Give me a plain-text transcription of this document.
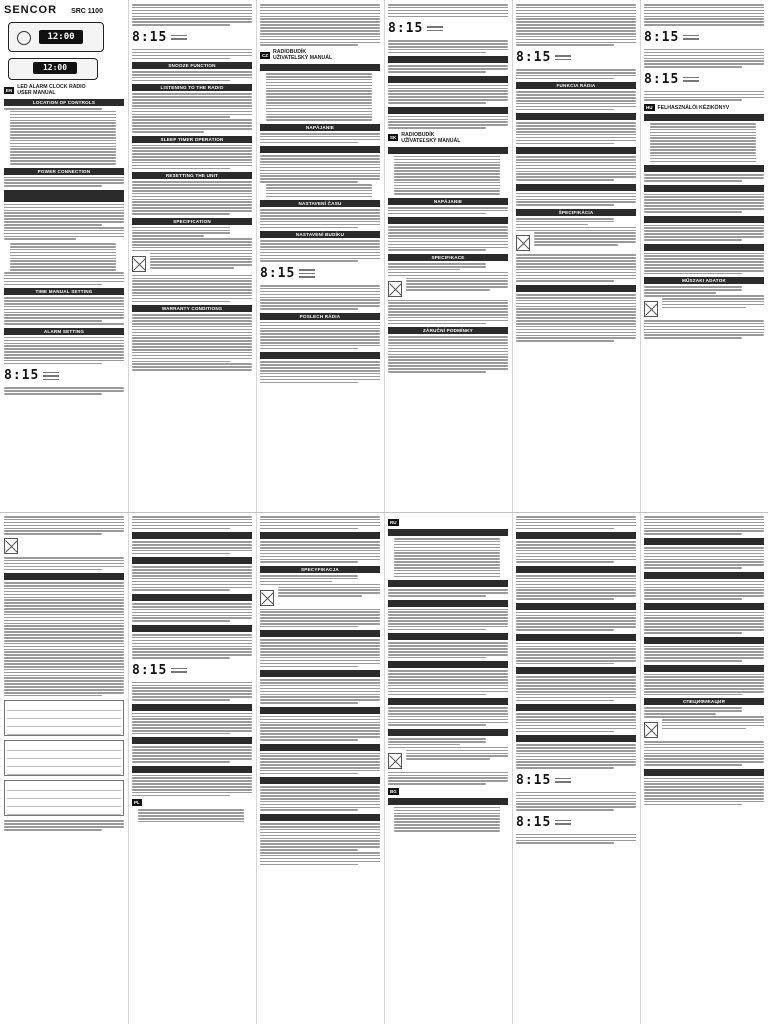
SENCOR SRC 1100
12:00
12:00
EN LED ALARM CLOCK RADIO
USER MANUAL
LOCATION OF CONTROLS
POWER CONNECTION
TIME MANUAL SETTING
ALARM SETTING
8:15
8:15
SNOOZE FUNCTION
LISTENING TO THE RADIO
SLEEP TIMER OPERATION
RESETTING THE UNIT
SPECIFICATION
WARRANTY CONDITIONS
CZ RADIOBUDÍK
UŽIVATELSKÝ MANUÁL
NAPÁJANIE
NASTAVENÍ ČASU
NASTAVENÍ BUDÍKU
8:15
POSLECH RÁDIA
8:15
SK RADIOBUDÍK
UŽÍVATEĽSKÝ MANUÁL
NAPÁJANIE
SPECIFIKACE
ZÁRUČNÍ PODMÍNKY
8:15
FUNKCIA RÁDIA
ŠPECIFIKÁCIA
8:15
8:15
HU FELHASZNÁLÓI KÉZIKÖNYV
MŰSZAKI ADATOK
8:15
PL
SPECYFIKACJA
RU
BG
8:15
8:15
СПЕЦИФИКАЦИЯ
